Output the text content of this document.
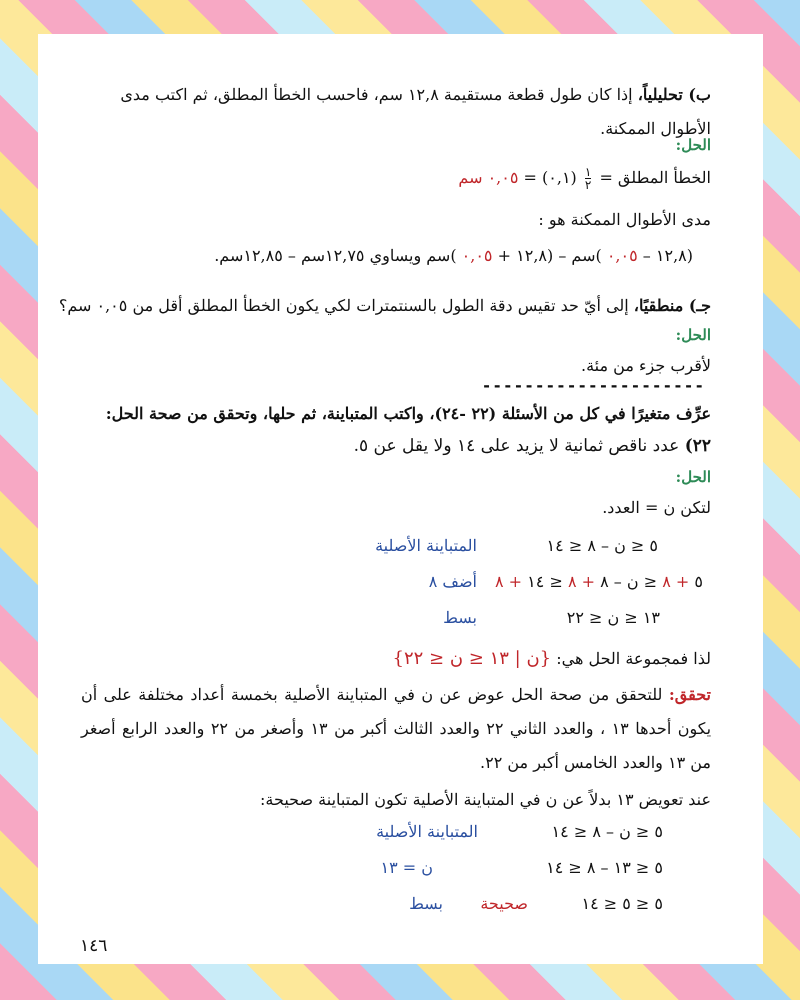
ب) تحليلياً، إذا كان طول قطعة مستقيمة ١٢,٨ سم، فاحسب الخطأ المطلق، ثم اكتب مدى الأطوال الممكنة.
الحل:
الخطأ المطلق =
$\frac{١}{٢}$
(٠,١) = ٠,٠٥ سم
مدى الأطوال الممكنة هو :
(١٢,٨ – ٠,٠٥ )سم – (١٢,٨ + ٠,٠٥ )سم ويساوي ١٢,٧٥سم – ١٢,٨٥سم.
جـ) منطقيًا، إلى أيّ حد تقيس دقة الطول بالسنتمترات لكي يكون الخطأ المطلق أقل من ٠,٠٥ سم؟
الحل:
لأقرب جزء من مئة.
---------------------
عرِّف متغيرًا في كل من الأسئلة (٢٢ -٢٤)، واكتب المتباينة، ثم حلها، وتحقق من صحة الحل:
٢٢) عدد ناقص ثمانية لا يزيد على ١٤ ولا يقل عن ٥.
الحل:
لتكن ن = العدد.
٥ ≤ ن – ٨ ≤ ١٤
المتباينة الأصلية
٥ + ٨ ≤ ن – ٨ + ٨ ≤ ١٤ + ٨
أضف ٨
١٣ ≤ ن ≤ ٢٢
بسط
لذا فمجموعة الحل هي: {ن | ١٣ ≤ ن ≤ ٢٢}
تحقق: للتحقق من صحة الحل عوض عن ن في المتباينة الأصلية بخمسة أعداد مختلفة على أن يكون أحدها ١٣ ، والعدد الثاني ٢٢ والعدد الثالث أكبر من ١٣ وأصغر من ٢٢ والعدد الرابع أصغر من ١٣ والعدد الخامس أكبر من ٢٢.
عند تعويض ١٣ بدلاً عن ن في المتباينة الأصلية تكون المتباينة صحيحة:
٥ ≤ ن – ٨ ≤ ١٤
المتباينة الأصلية
٥ ≤ ١٣ – ٨ ≤ ١٤
ن = ١٣
٥ ≤ ٥ ≤ ١٤
صحيحة
بسط
١٤٦
